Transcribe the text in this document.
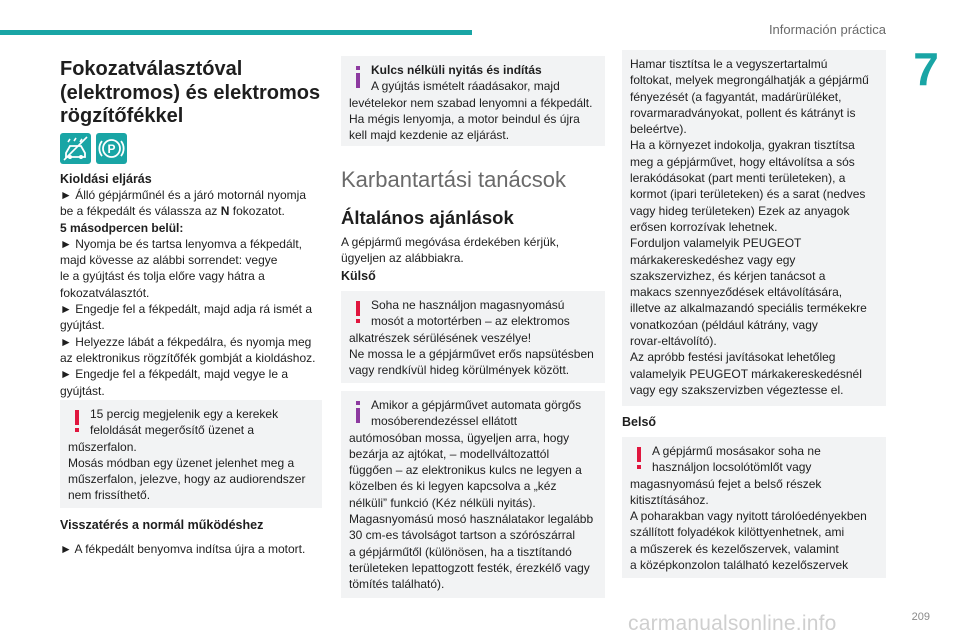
Información práctica
7
Fokozatválasztóval
(elektromos) és elektromos
rögzítőfékkel
P
Kioldási eljárás
► Álló gépjárműnél és a járó motornál nyomja
be a fékpedált és válassza az N fokozatot.
5 másodpercen belül:
► Nyomja be és tartsa lenyomva a fékpedált,
majd kövesse az alábbi sorrendet: vegye
le a gyújtást és tolja előre vagy hátra a
fokozatválasztót.
► Engedje fel a fékpedált, majd adja rá ismét a
gyújtást.
► Helyezze lábát a fékpedálra, és nyomja meg
az elektronikus rögzítőfék gombját a kioldáshoz.
► Engedje fel a fékpedált, majd vegye le a
gyújtást.
15 percig megjelenik egy a kerekek
feloldását megerősítő üzenet a
műszerfalon.
Mosás módban egy üzenet jelenhet meg a
műszerfalon, jelezve, hogy az audiorendszer
nem frissíthető.
Visszatérés a normál működéshez
► A fékpedált benyomva indítsa újra a motort.
Kulcs nélküli nyitás és indítás
A gyújtás ismételt ráadásakor, majd
levételekor nem szabad lenyomni a fékpedált.
Ha mégis lenyomja, a motor beindul és újra
kell majd kezdenie az eljárást.
Karbantartási tanácsok
Általános ajánlások
A gépjármű megóvása érdekében kérjük,
ügyeljen az alábbiakra.
Külső
Soha ne használjon magasnyomású
mosót a motortérben – az elektromos
alkatrészek sérülésének veszélye!
Ne mossa le a gépjárművet erős napsütésben
vagy rendkívül hideg körülmények között.
Amikor a gépjárművet automata görgős
mosóberendezéssel ellátott
autómosóban mossa, ügyeljen arra, hogy
bezárja az ajtókat, – modellváltozattól
függően – az elektronikus kulcs ne legyen a
közelben és ki legyen kapcsolva a „kéz
nélküli” funkció (Kéz nélküli nyitás).
Magasnyomású mosó használatakor legalább
30 cm-es távolságot tartson a szórószárral
a gépjárműtől (különösen, ha a tisztítandó
területeken lepattogzott festék, érezkélő vagy
tömítés található).
Hamar tisztítsa le a vegyszertartalmú
foltokat, melyek megrongálhatják a gépjármű
fényezését (a fagyantát, madárürüléket,
rovarmaradványokat, pollent és kátrányt is
beleértve).
Ha a környezet indokolja, gyakran tisztítsa
meg a gépjárművet, hogy eltávolítsa a sós
lerakódásokat (part menti területeken), a
kormot (ipari területeken) és a sarat (nedves
vagy hideg területeken) Ezek az anyagok
erősen korrozívak lehetnek.
Forduljon valamelyik PEUGEOT
márkakereskedéshez vagy egy
szakszervizhez, és kérjen tanácsot a
makacs szennyeződések eltávolítására,
illetve az alkalmazandó speciális termékekre
vonatkozóan (például kátrány, vagy
rovar-eltávolító).
Az apróbb festési javításokat lehetőleg
valamelyik PEUGEOT márkakereskedésnél
vagy egy szakszervizben végeztesse el.
Belső
A gépjármű mosásakor soha ne
használjon locsolótömlőt vagy
magasnyomású fejet a belső részek
kitisztításához.
A poharakban vagy nyitott tárolóedényekben
szállított folyadékok kilöttyenhetnek, ami
a műszerek és kezelőszervek, valamint
a középkonzolon található kezelőszervek
carmanualsonline.info	209
